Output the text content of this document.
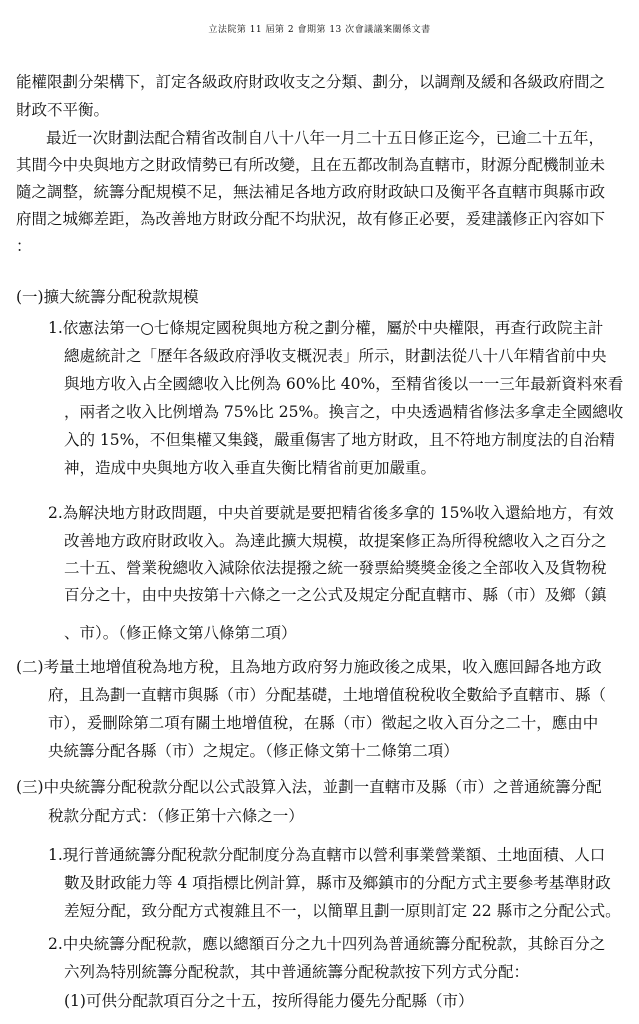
立法院第 11 屆第 2 會期第 13 次會議議案關係文書
能權限劃分架構下，訂定各級政府財政收支之分類、劃分，以調劑及緩和各級政府間之
財政不平衡。
最近一次財劃法配合精省改制自八十八年一月二十五日修正迄今，已逾二十五年，
其間今中央與地方之財政情勢已有所改變，且在五都改制為直轄市，財源分配機制並未
隨之調整，統籌分配規模不足，無法補足各地方政府財政缺口及衡平各直轄市與縣市政
府間之城鄉差距，為改善地方財政分配不均狀況，故有修正必要，爰建議修正內容如下
：
(一)擴大統籌分配稅款規模
1.依憲法第一○七條規定國稅與地方稅之劃分權，屬於中央權限，再查行政院主計
總處統計之「歷年各級政府淨收支概況表」所示，財劃法從八十八年精省前中央
與地方收入占全國總收入比例為 60%比 40%，至精省後以一一三年最新資料來看
，兩者之收入比例增為 75%比 25%。換言之，中央透過精省修法多拿走全國總收
入的 15%，不但集權又集錢，嚴重傷害了地方財政，且不符地方制度法的自治精
神，造成中央與地方收入垂直失衡比精省前更加嚴重。
2.為解決地方財政問題，中央首要就是要把精省後多拿的 15%收入還給地方，有效
改善地方政府財政收入。為達此擴大規模，故提案修正為所得稅總收入之百分之
二十五、營業稅總收入減除依法提撥之統一發票給獎獎金後之全部收入及貨物稅
百分之十，由中央按第十六條之一之公式及規定分配直轄市、縣（市）及鄉（鎮
、市）。（修正條文第八條第二項）
(二)考量土地增值稅為地方稅，且為地方政府努力施政後之成果，收入應回歸各地方政
府，且為劃一直轄市與縣（市）分配基礎，土地增值稅稅收全數給予直轄市、縣（
市），爰刪除第二項有關土地增值稅，在縣（市）徵起之收入百分之二十，應由中
央統籌分配各縣（市）之規定。（修正條文第十二條第二項）
(三)中央統籌分配稅款分配以公式設算入法，並劃一直轄市及縣（市）之普通統籌分配
稅款分配方式：（修正第十六條之一）
1.現行普通統籌分配稅款分配制度分為直轄市以營利事業營業額、土地面積、人口
數及財政能力等 4 項指標比例計算，縣市及鄉鎮市的分配方式主要參考基準財政
差短分配，致分配方式複雜且不一，以簡單且劃一原則訂定 22 縣市之分配公式。
2.中央統籌分配稅款，應以總額百分之九十四列為普通統籌分配稅款，其餘百分之
六列為特別統籌分配稅款，其中普通統籌分配稅款按下列方式分配：
(1)可供分配款項百分之十五，按所得能力優先分配縣（市）
